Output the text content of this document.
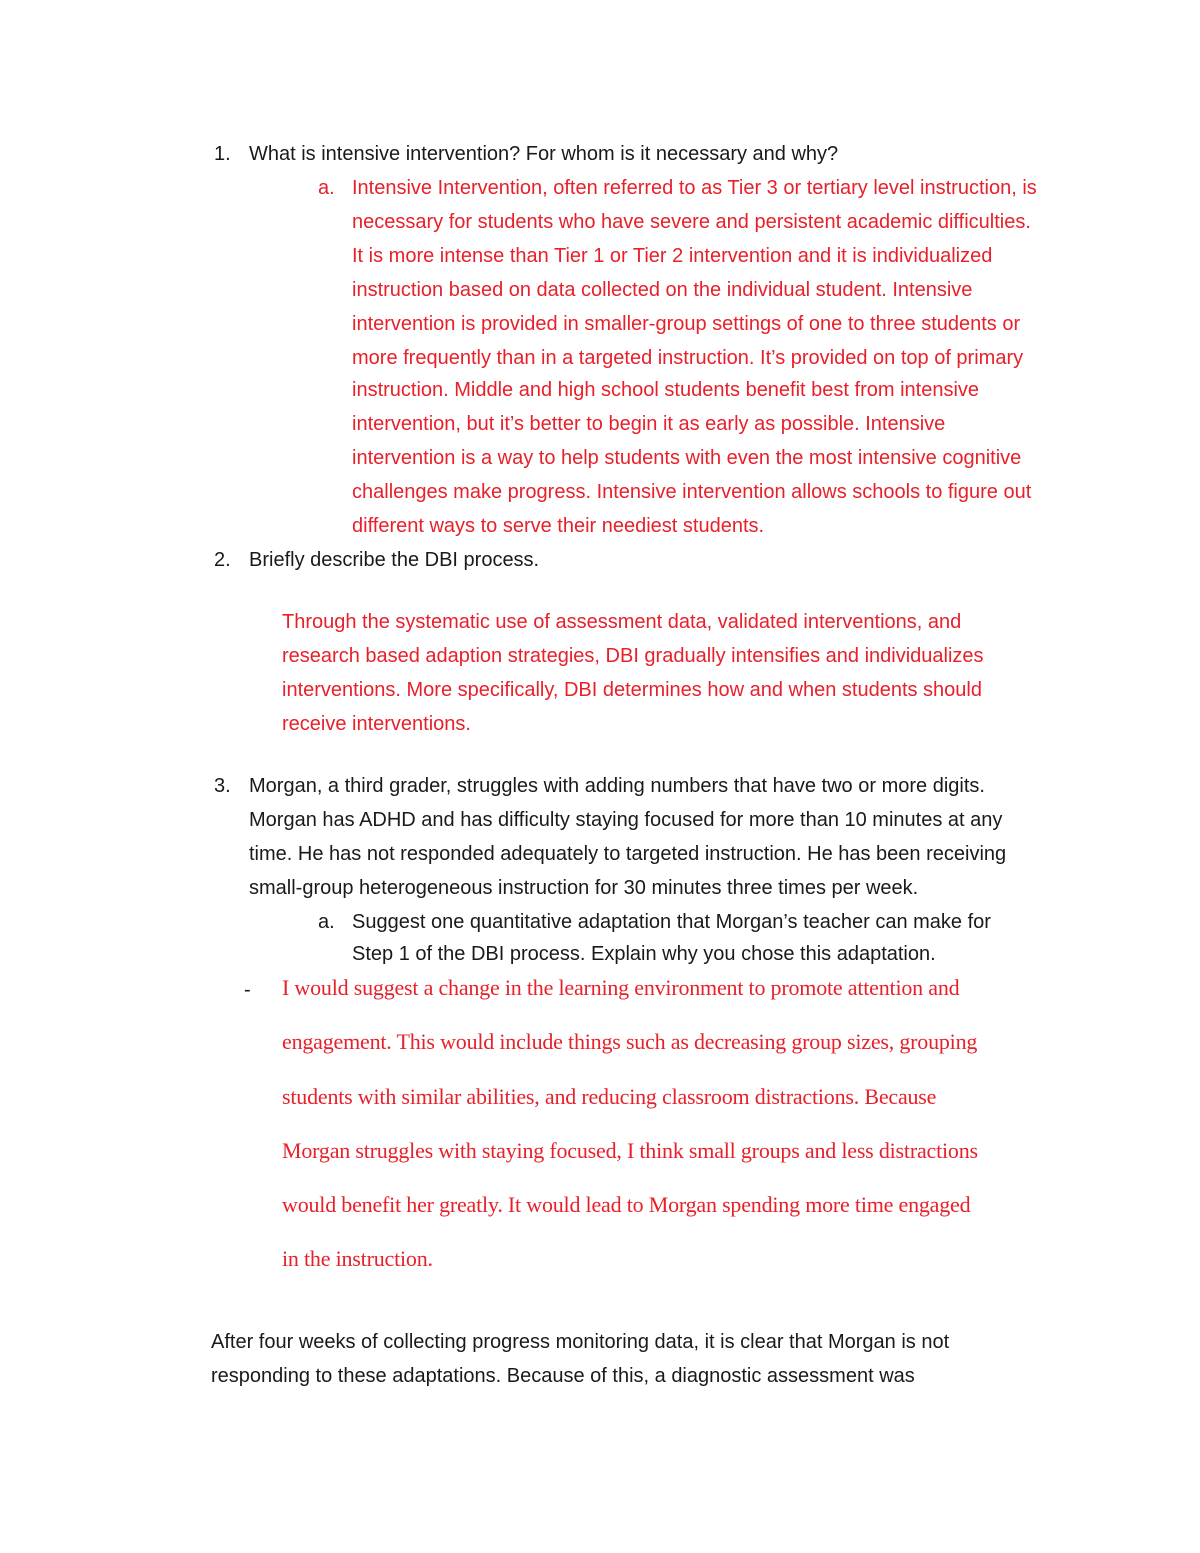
1. What is intensive intervention? For whom is it necessary and why?
a. Intensive Intervention, often referred to as Tier 3 or tertiary level instruction, is
necessary for students who have severe and persistent academic difficulties.
It is more intense than Tier 1 or Tier 2 intervention and it is individualized
instruction based on data collected on the individual student. Intensive
intervention is provided in smaller-group settings of one to three students or
more frequently than in a targeted instruction. It’s provided on top of primary
instruction. Middle and high school students benefit best from intensive
intervention, but it’s better to begin it as early as possible. Intensive
intervention is a way to help students with even the most intensive cognitive
challenges make progress. Intensive intervention allows schools to figure out
different ways to serve their neediest students.
2. Briefly describe the DBI process.
Through the systematic use of assessment data, validated interventions, and
research based adaption strategies, DBI gradually intensifies and individualizes
interventions. More specifically, DBI determines how and when students should
receive interventions.
3. Morgan, a third grader, struggles with adding numbers that have two or more digits.
Morgan has ADHD and has difficulty staying focused for more than 10 minutes at any
time. He has not responded adequately to targeted instruction. He has been receiving
small-group heterogeneous instruction for 30 minutes three times per week.
a. Suggest one quantitative adaptation that Morgan’s teacher can make for
Step 1 of the DBI process. Explain why you chose this adaptation.
- I would suggest a change in the learning environment to promote attention and
engagement. This would include things such as decreasing group sizes, grouping
students with similar abilities, and reducing classroom distractions. Because
Morgan struggles with staying focused, I think small groups and less distractions
would benefit her greatly. It would lead to Morgan spending more time engaged
in the instruction.
After four weeks of collecting progress monitoring data, it is clear that Morgan is not
responding to these adaptations. Because of this, a diagnostic assessment was
